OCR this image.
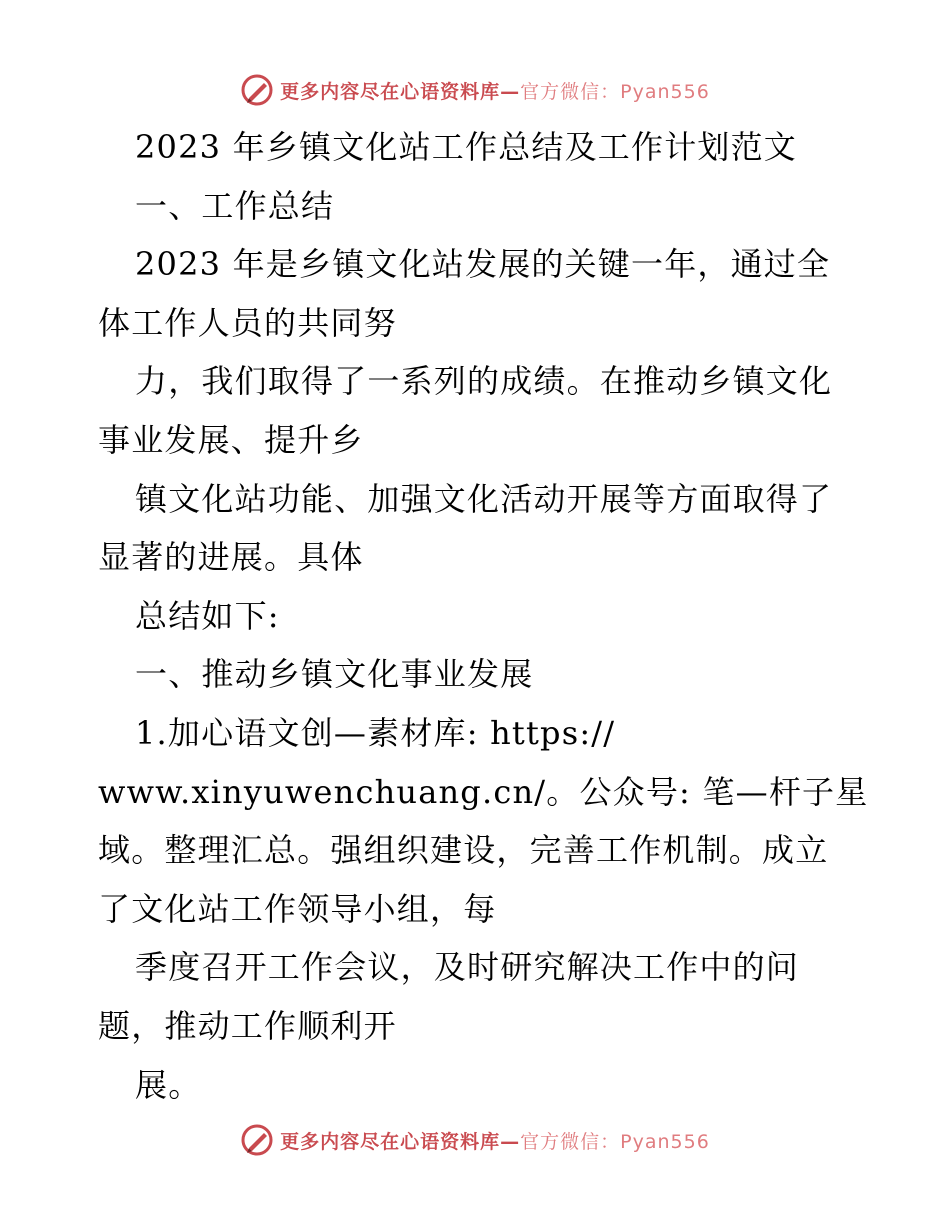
更多内容尽在心语资料库—官方微信：Pyan556
2023 年乡镇文化站工作总结及工作计划范文
一、工作总结
2023 年是乡镇文化站发展的关键一年，通过全
体工作人员的共同努
力，我们取得了一系列的成绩。在推动乡镇文化
事业发展、提升乡
镇文化站功能、加强文化活动开展等方面取得了
显著的进展。具体
总结如下:
一、推动乡镇文化事业发展
1.加心语文创—素材库: https://
www.xinyuwenchuang.cn/。公众号: 笔—杆子星
域。整理汇总。强组织建设，完善工作机制。成立
了文化站工作领导小组，每
季度召开工作会议，及时研究解决工作中的问
题，推动工作顺利开
展。
更多内容尽在心语资料库—官方微信：Pyan556
